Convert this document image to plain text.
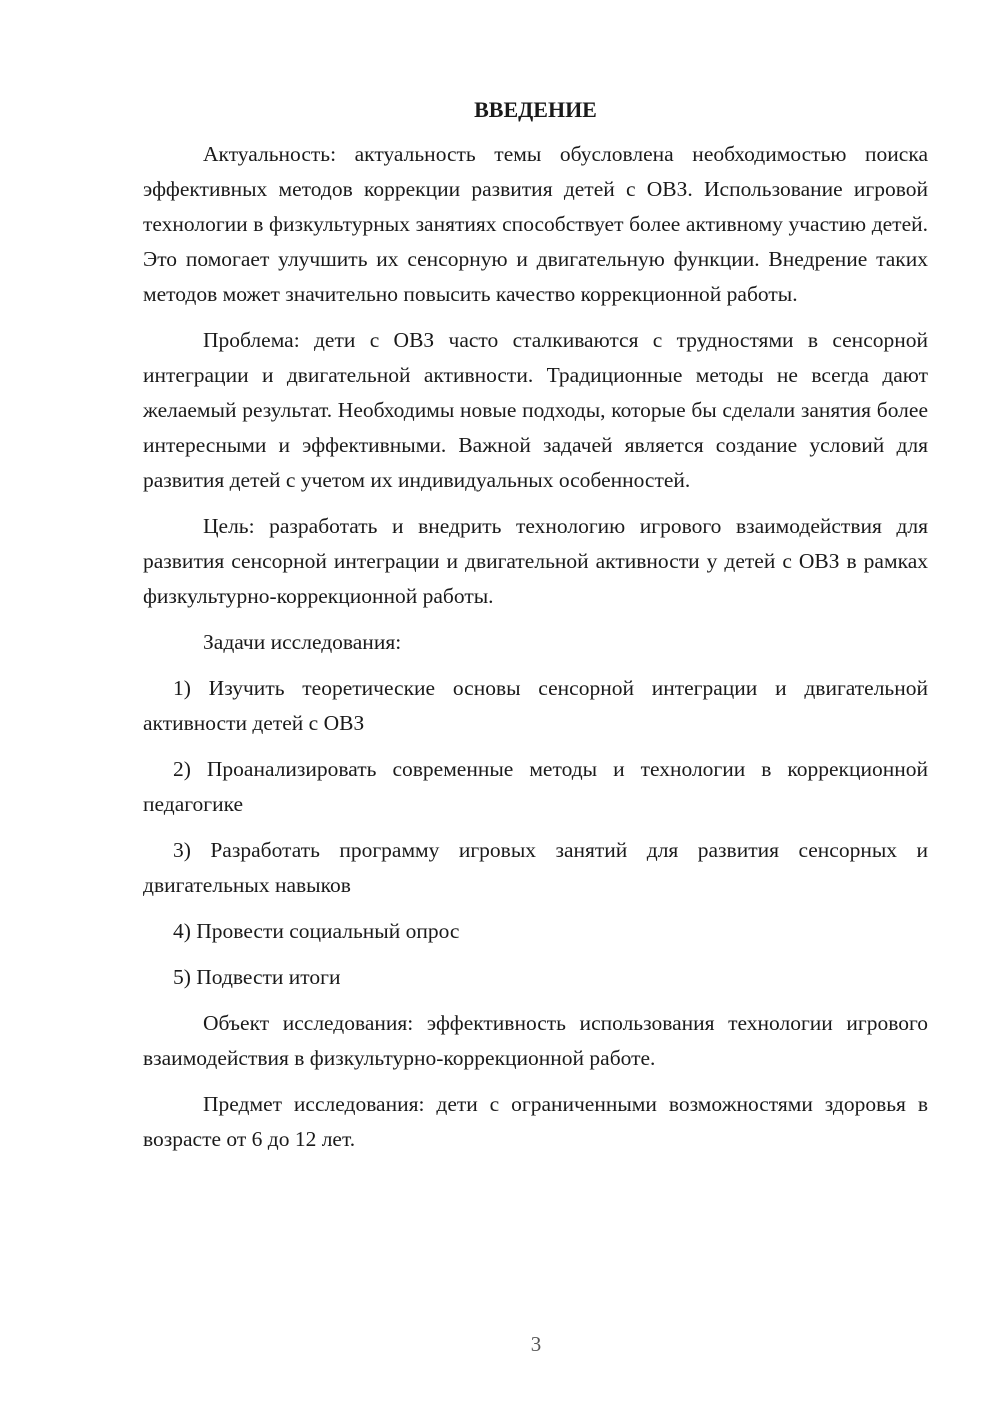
ВВЕДЕНИЕ

Актуальность: актуальность темы обусловлена необходимостью поиска эффективных методов коррекции развития детей с ОВЗ. Использование игровой технологии в физкультурных занятиях способствует более активному участию детей. Это помогает улучшить их сенсорную и двигательную функции. Внедрение таких методов может значительно повысить качество коррекционной работы.

Проблема: дети с ОВЗ часто сталкиваются с трудностями в сенсорной интеграции и двигательной активности. Традиционные методы не всегда дают желаемый результат. Необходимы новые подходы, которые бы сделали занятия более интересными и эффективными. Важной задачей является создание условий для развития детей с учетом их индивидуальных особенностей.

Цель: разработать и внедрить технологию игрового взаимодействия для развития сенсорной интеграции и двигательной активности у детей с ОВЗ в рамках физкультурно-коррекционной работы.

Задачи исследования:

1) Изучить теоретические основы сенсорной интеграции и двигательной активности детей с ОВЗ

2) Проанализировать современные методы и технологии в коррекционной педагогике

3) Разработать программу игровых занятий для развития сенсорных и двигательных навыков

4) Провести социальный опрос

5) Подвести итоги

Объект исследования: эффективность использования технологии игрового взаимодействия в физкультурно-коррекционной работе.

Предмет исследования: дети с ограниченными возможностями здоровья в возрасте от 6 до 12 лет.

3
